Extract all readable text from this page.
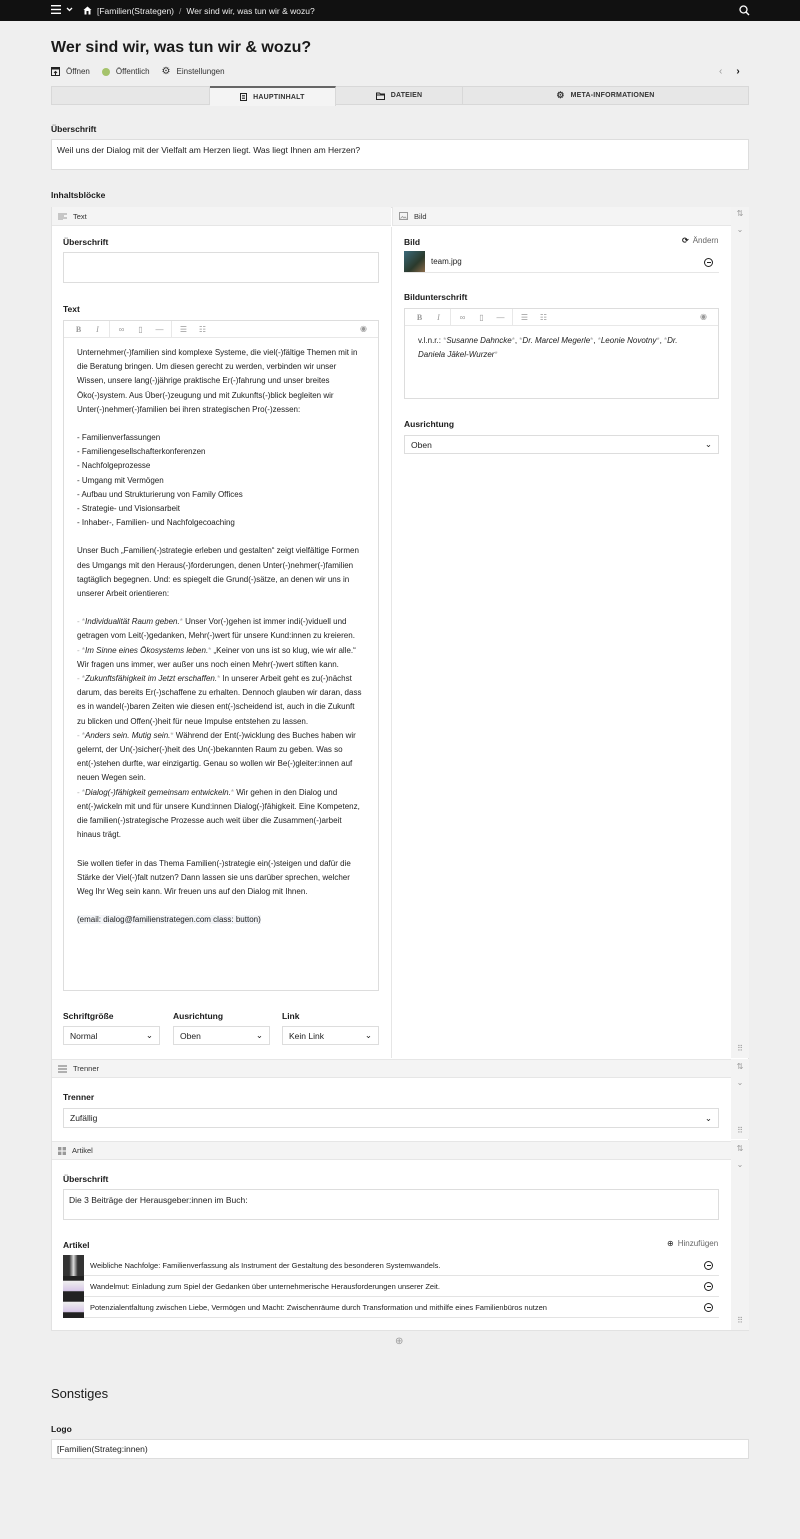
[Familien(Strategen) / Wer sind wir, was tun wir & wozu?
Wer sind wir, was tun wir & wozu?
Öffnen	Öffentlich ⚙ Einstellungen	‹ ›
HAUPTINHALT	DATEIEN	⚙ META-INFORMATIONEN
Überschrift
Weil uns der Dialog mit der Vielfalt am Herzen liegt. Was liegt Ihnen am Herzen?
Inhaltsblöcke
⇅
⌄
⠿
⇅
⌄
⠿
⇅
⌄
⠿
Text	Bild
Überschrift
Text
B	I	∞	▯	—	☰	☷	◉

Unternehmer(-)familien sind komplexe Systeme, die viel(-)fältige Themen mit in die Beratung bringen. Um diesen gerecht zu werden, verbinden wir unser Wissen, unsere lang(-)jährige praktische Er(-)fahrung und unser breites Öko(-)system. Aus Über(-)zeugung und mit Zukunfts(-)blick begleiten wir Unter(-)nehmer(-)familien bei ihren strategischen Pro(-)zessen:

- Familienverfassungen
- Familiengesellschafterkonferenzen
- Nachfolgeprozesse
- Umgang mit Vermögen
- Aufbau und Strukturierung von Family Offices
- Strategie- und Visionsarbeit
- Inhaber-, Familien- und Nachfolgecoaching

Unser Buch „Familien(-)strategie erleben und gestalten“ zeigt vielfältige Formen des Umgangs mit den Heraus(-)forderungen, denen Unter(-)nehmer(-)familien tagtäglich begegnen. Und: es spiegelt die Grund(-)sätze, an denen wir uns in unserer Arbeit orientieren:

- *Individualität Raum geben.* Unser Vor(-)gehen ist immer indi(-)viduell und getragen vom Leit(-)gedanken, Mehr(-)wert für unsere Kund:innen zu kreieren.
- *Im Sinne eines Ökosystems leben.* „Keiner von uns ist so klug, wie wir alle.“ Wir fragen uns immer, wer außer uns noch einen Mehr(-)wert stiften kann.
- *Zukunftsfähigkeit im Jetzt erschaffen.* In unserer Arbeit geht es zu(-)nächst darum, das bereits Er(-)schaffene zu erhalten. Dennoch glauben wir daran, dass es in wandel(-)baren Zeiten wie diesen ent(-)scheidend ist, auch in die Zukunft zu blicken und Offen(-)heit für neue Impulse entstehen zu lassen.
- *Anders sein. Mutig sein.* Während der Ent(-)wicklung des Buches haben wir gelernt, der Un(-)sicher(-)heit des Un(-)bekannten Raum zu geben. Was so ent(-)stehen durfte, war einzigartig. Genau so wollen wir Be(-)gleiter:innen auf neuen Wegen sein.
- *Dialog(-)fähigkeit gemeinsam entwickeln.* Wir gehen in den Dialog und ent(-)wickeln mit und für unsere Kund:innen Dialog(-)fähigkeit. Eine Kompetenz, die familien(-)strategische Prozesse auch weit über die Zusammen(-)arbeit hinaus trägt.

Sie wollen tiefer in das Thema Familien(-)strategie ein(-)steigen und dafür die Stärke der Viel(-)falt nutzen? Dann lassen sie uns darüber sprechen, welcher Weg Ihr Weg sein kann. Wir freuen uns auf den Dialog mit Ihnen.

(email: dialog@familienstrategen.com class: button)

Schriftgröße
Normal	⌄
Ausrichtung
Oben	⌄
Link
Kein Link	⌄
Bild	⟳ Ändern
team.jpg
Bildunterschrift
B	I	∞	▯	—	☰	☷	◉
v.l.n.r.: *Susanne Dahncke*, *Dr. Marcel Megerle*, *Leonie Novotny*, *Dr. Daniela Jäkel-Wurzer*
Ausrichtung
Oben	⌄
Trenner
Trenner
Zufällig	⌄
Artikel
Überschrift
Die 3 Beiträge der Herausgeber:innen im Buch:
Artikel	⊕ Hinzufügen
Weibliche Nachfolge: Familienverfassung als Instrument der Gestaltung des besonderen Systemwandels.
Wandelmut: Einladung zum Spiel der Gedanken über unternehmerische Herausforderungen unserer Zeit.
Potenzialentfaltung zwischen Liebe, Vermögen und Macht: Zwischenräume durch Transformation und mithilfe eines Familienbüros nutzen
⊕
Sonstiges
Logo
[Familien(Strateg:innen)
